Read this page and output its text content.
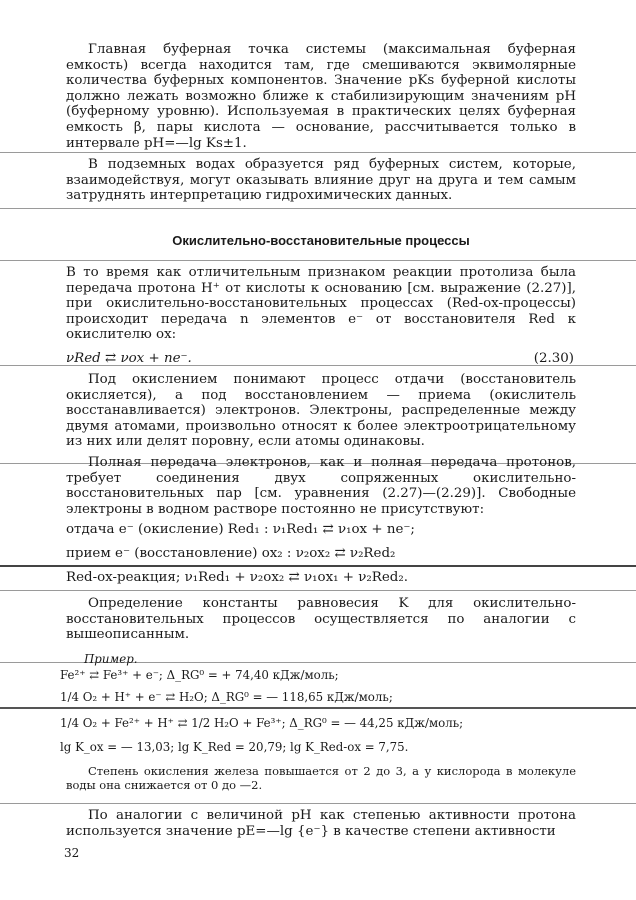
Главная буферная точка системы (максимальная буферная емкость) всегда находится там, где смешиваются эквимолярные количества буферных компонентов. Значение pKs буферной кислоты должно лежать возможно ближе к стабилизирующим значениям pH (буферному уровню). Используемая в практических целях буферная емкость β, пары кислота — основание, рассчитывается только в интервале pH=—lg Ks±1.

В подземных водах образуется ряд буферных систем, которые, взаимодействуя, могут оказывать влияние друг на друга и тем самым затруднять интерпретацию гидрохимических данных.

Окислительно-восстановительные процессы

В то время как отличительным признаком реакции протолиза была передача протона H⁺ от кислоты к основанию [см. выражение (2.27)], при окислительно-восстановительных процессах (Red-ox-процессы) происходит передача n элементов e⁻ от восстановителя Red к окислителю ox:

νRed ⇄ νox + ne⁻.	(2.30)

Под окислением понимают процесс отдачи (восстановитель окисляется), а под восстановлением — приема (окислитель восстанавливается) электронов. Электроны, распределенные между двумя атомами, произвольно относят к более электроотрицательному из них или делят поровну, если атомы одинаковы.

Полная передача электронов, как и полная передача протонов, требует соединения двух сопряженных окислительно-восстановительных пар [см. уравнения (2.27)—(2.29)]. Свободные электроны в водном растворе постоянно не присутствуют:

отдача e⁻ (окисление) Red₁ : ν₁Red₁ ⇄ ν₁ox + ne⁻;
прием e⁻ (восстановление) ox₂ : ν₂ox₂ ⇄ ν₂Red₂
Red-ox-реакция; ν₁Red₁ + ν₂ox₂ ⇄ ν₁ox₁ + ν₂Red₂.

Определение константы равновесия K для окислительно-восстановительных процессов осуществляется по аналогии с вышеописанным.

Пример.
Fe²⁺ ⇄ Fe³⁺ + e⁻; Δ_RG⁰ = + 74,40 кДж/моль;
1/4 O₂ + H⁺ + e⁻ ⇄ H₂O; Δ_RG⁰ = — 118,65 кДж/моль;
1/4 O₂ + Fe²⁺ + H⁺ ⇄ 1/2 H₂O + Fe³⁺; Δ_RG⁰ = — 44,25 кДж/моль;
lg K_ox = — 13,03; lg K_Red = 20,79; lg K_Red-ox = 7,75.

Степень окисления железа повышается от 2 до 3, а у кислорода в молекуле воды она снижается от 0 до —2.

По аналогии с величиной pH как степенью активности протона используется значение pE=—lg {e⁻} в качестве степени активности

32
